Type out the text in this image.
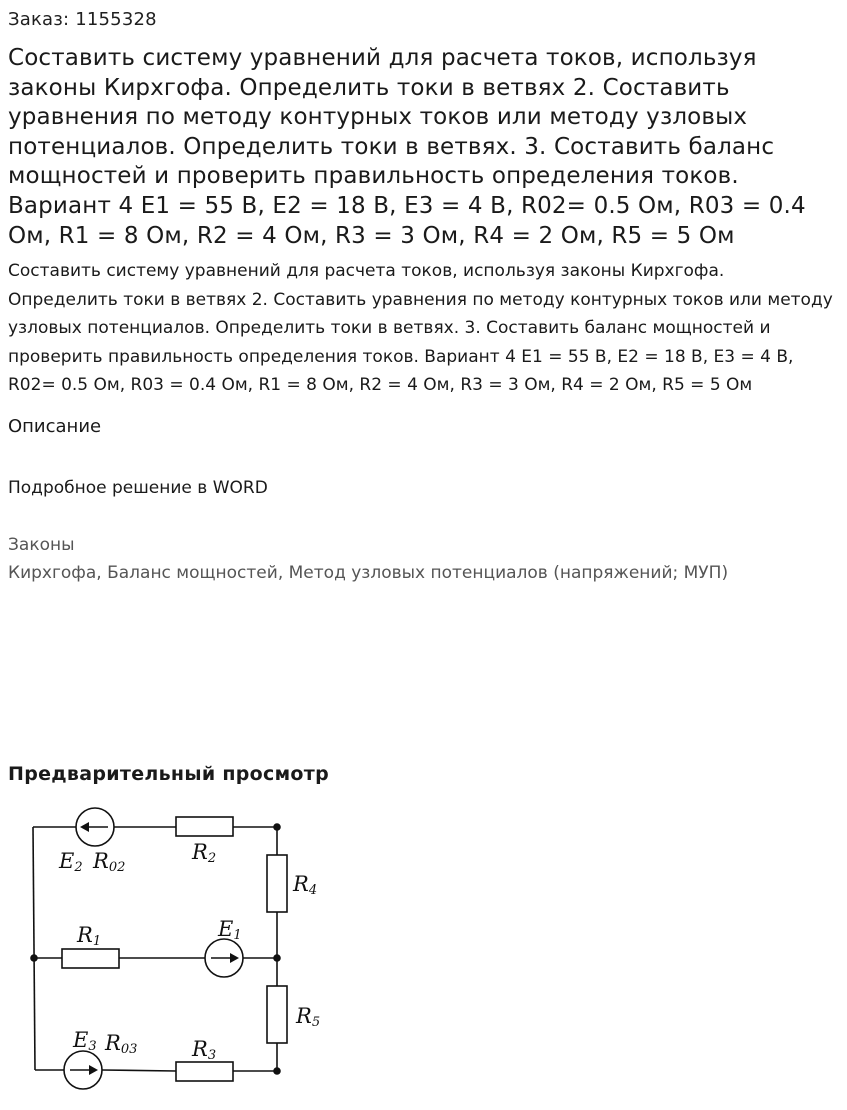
Заказ: 1155328

Составить систему уравнений для расчета токов, используя законы Кирхгофа. Определить токи в ветвях 2. Составить уравнения по методу контурных токов или методу узловых потенциалов. Определить токи в ветвях. 3. Составить баланс мощностей и проверить правильность определения токов. Вариант 4 Е1 = 55 В, Е2 = 18 В, Е3 = 4 В, R02= 0.5 Ом, R03 = 0.4 Ом, R1 = 8 Ом, R2 = 4 Ом, R3 = 3 Ом, R4 = 2 Ом, R5 = 5 Ом

Составить систему уравнений для расчета токов, используя законы Кирхгофа. Определить токи в ветвях 2. Составить уравнения по методу контурных токов или методу узловых потенциалов. Определить токи в ветвях. 3. Составить баланс мощностей и проверить правильность определения токов. Вариант 4 Е1 = 55 В, Е2 = 18 В, Е3 = 4 В, R02= 0.5 Ом, R03 = 0.4 Ом, R1 = 8 Ом, R2 = 4 Ом, R3 = 3 Ом, R4 = 2 Ом, R5 = 5 Ом

Описание

Подробное решение в WORD

Законы

Кирхгофа, Баланс мощностей, Метод узловых потенциалов (напряжений; МУП)

Предварительный просмотр
E2 R02
R2
R4
R1
E1
R5
E3 R03	R3
